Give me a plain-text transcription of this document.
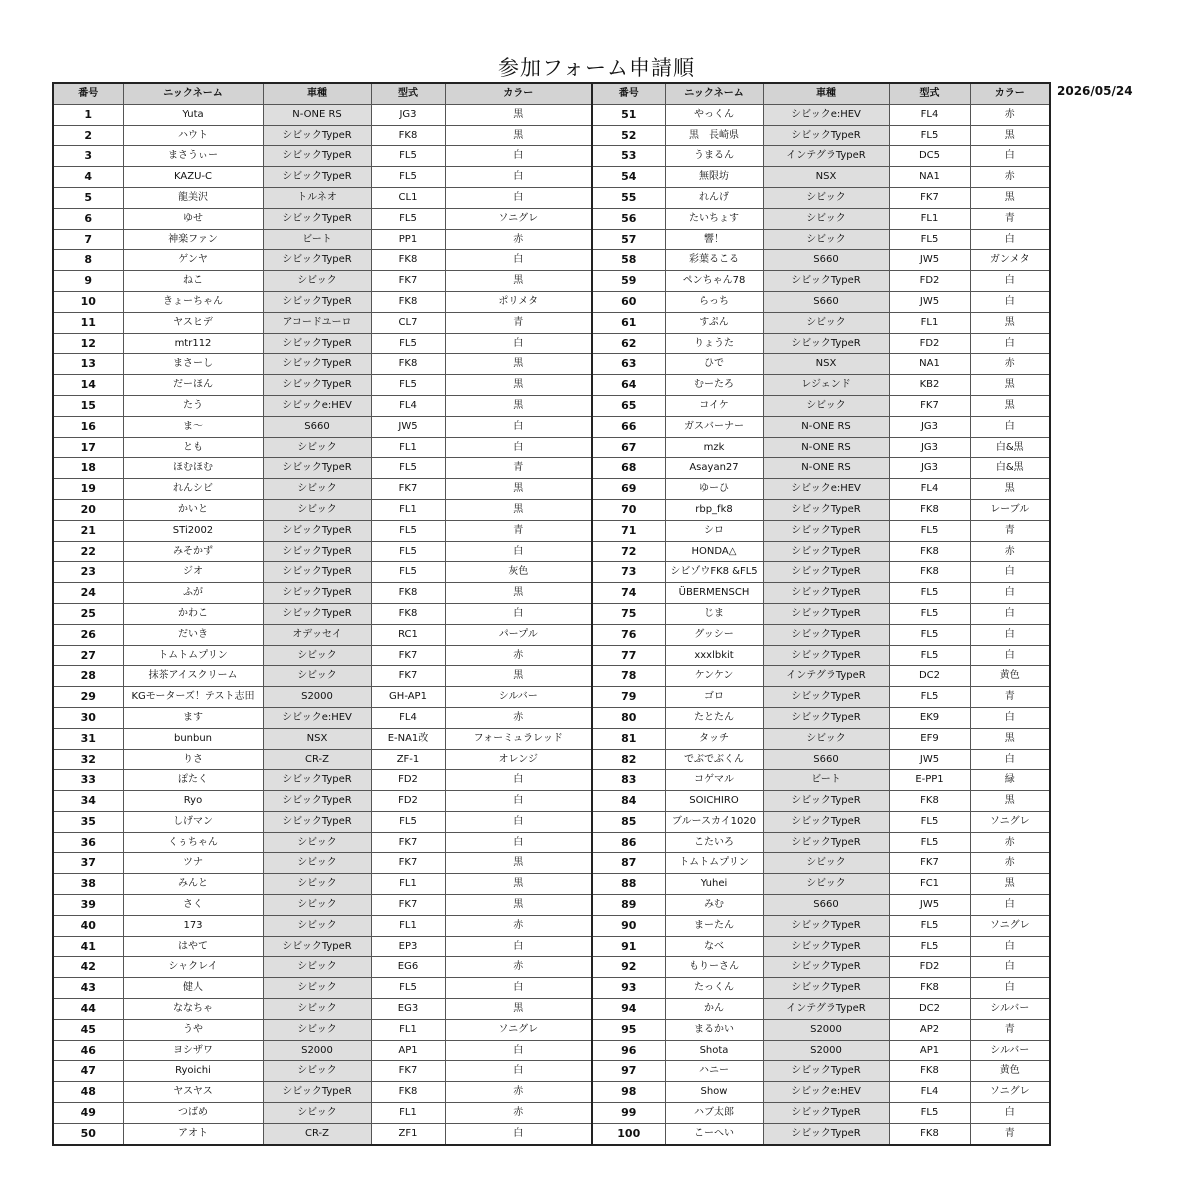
参加フォーム申請順
2026/05/24
番号	ニックネーム	車種	型式	カラー	番号	ニックネーム	車種	型式	カラー
1	Yuta	N-ONE RS	JG3	黒	51	やっくん	シビックe:HEV	FL4	赤
2	ハウト	シビックTypeR	FK8	黒	52	黒　長崎県	シビックTypeR	FL5	黒
3	まさうぃー	シビックTypeR	FL5	白	53	うまるん	インテグラTypeR	DC5	白
4	KAZU-C	シビックTypeR	FL5	白	54	無限坊	NSX	NA1	赤
5	龍美沢	トルネオ	CL1	白	55	れんげ	シビック	FK7	黒
6	ゆせ	シビックTypeR	FL5	ソニグレ	56	たいちょす	シビック	FL1	青
7	神楽ファン	ビート	PP1	赤	57	響！	シビック	FL5	白
8	ゲンヤ	シビックTypeR	FK8	白	58	彩葉るこる	S660	JW5	ガンメタ
9	ねこ	シビック	FK7	黒	59	ペンちゃん78	シビックTypeR	FD2	白
10	きょーちゃん	シビックTypeR	FK8	ポリメタ	60	らっち	S660	JW5	白
11	ヤスヒデ	アコードユーロ	CL7	青	61	すぷん	シビック	FL1	黒
12	mtr112	シビックTypeR	FL5	白	62	りょうた	シビックTypeR	FD2	白
13	まさーし	シビックTypeR	FK8	黒	63	ひで	NSX	NA1	赤
14	だーほん	シビックTypeR	FL5	黒	64	むーたろ	レジェンド	KB2	黒
15	たう	シビックe:HEV	FL4	黒	65	コイケ	シビック	FK7	黒
16	ま〜	S660	JW5	白	66	ガスバーナー	N-ONE RS	JG3	白
17	とも	シビック	FL1	白	67	mzk	N-ONE RS	JG3	白&黒
18	ほむほむ	シビックTypeR	FL5	青	68	Asayan27	N-ONE RS	JG3	白&黒
19	れんシビ	シビック	FK7	黒	69	ゆーひ	シビックe:HEV	FL4	黒
20	かいと	シビック	FL1	黒	70	rbp_fk8	シビックTypeR	FK8	レーブル
21	STi2002	シビックTypeR	FL5	青	71	シロ	シビックTypeR	FL5	青
22	みそかず	シビックTypeR	FL5	白	72	HONDA△	シビックTypeR	FK8	赤
23	ジオ	シビックTypeR	FL5	灰色	73	シビゾウFK8 &FL5	シビックTypeR	FK8	白
24	ふが	シビックTypeR	FK8	黒	74	ÜBERMENSCH	シビックTypeR	FL5	白
25	かわこ	シビックTypeR	FK8	白	75	じま	シビックTypeR	FL5	白
26	だいき	オデッセイ	RC1	パープル	76	グッシー	シビックTypeR	FL5	白
27	トムトムプリン	シビック	FK7	赤	77	xxxlbkit	シビックTypeR	FL5	白
28	抹茶アイスクリーム	シビック	FK7	黒	78	ケンケン	インテグラTypeR	DC2	黄色
29	KGモーターズ！テスト志田	S2000	GH-AP1	シルバー	79	ゴロ	シビックTypeR	FL5	青
30	ます	シビックe:HEV	FL4	赤	80	たとたん	シビックTypeR	EK9	白
31	bunbun	NSX	E-NA1改	フォーミュラレッド	81	タッチ	シビック	EF9	黒
32	りさ	CR-Z	ZF-1	オレンジ	82	でぶでぶくん	S660	JW5	白
33	ぽたく	シビックTypeR	FD2	白	83	コゲマル	ビート	E-PP1	緑
34	Ryo	シビックTypeR	FD2	白	84	SOICHIRO	シビックTypeR	FK8	黒
35	しげマン	シビックTypeR	FL5	白	85	ブルースカイ1020	シビックTypeR	FL5	ソニグレ
36	くぅちゃん	シビック	FK7	白	86	こたいろ	シビックTypeR	FL5	赤
37	ツナ	シビック	FK7	黒	87	トムトムプリン	シビック	FK7	赤
38	みんと	シビック	FL1	黒	88	Yuhei	シビック	FC1	黒
39	さく	シビック	FK7	黒	89	みむ	S660	JW5	白
40	173	シビック	FL1	赤	90	まーたん	シビックTypeR	FL5	ソニグレ
41	はやて	シビックTypeR	EP3	白	91	なべ	シビックTypeR	FL5	白
42	シャクレイ	シビック	EG6	赤	92	もりーさん	シビックTypeR	FD2	白
43	健人	シビック	FL5	白	93	たっくん	シビックTypeR	FK8	白
44	ななちゃ	シビック	EG3	黒	94	かん	インテグラTypeR	DC2	シルバー
45	うや	シビック	FL1	ソニグレ	95	まるかい	S2000	AP2	青
46	ヨシザワ	S2000	AP1	白	96	Shota	S2000	AP1	シルバー
47	Ryoichi	シビック	FK7	白	97	ハニー	シビックTypeR	FK8	黄色
48	ヤスヤス	シビックTypeR	FK8	赤	98	Show	シビックe:HEV	FL4	ソニグレ
49	つばめ	シビック	FL1	赤	99	ハブ太郎	シビックTypeR	FL5	白
50	アオト	CR-Z	ZF1	白	100	こーへい	シビックTypeR	FK8	青
